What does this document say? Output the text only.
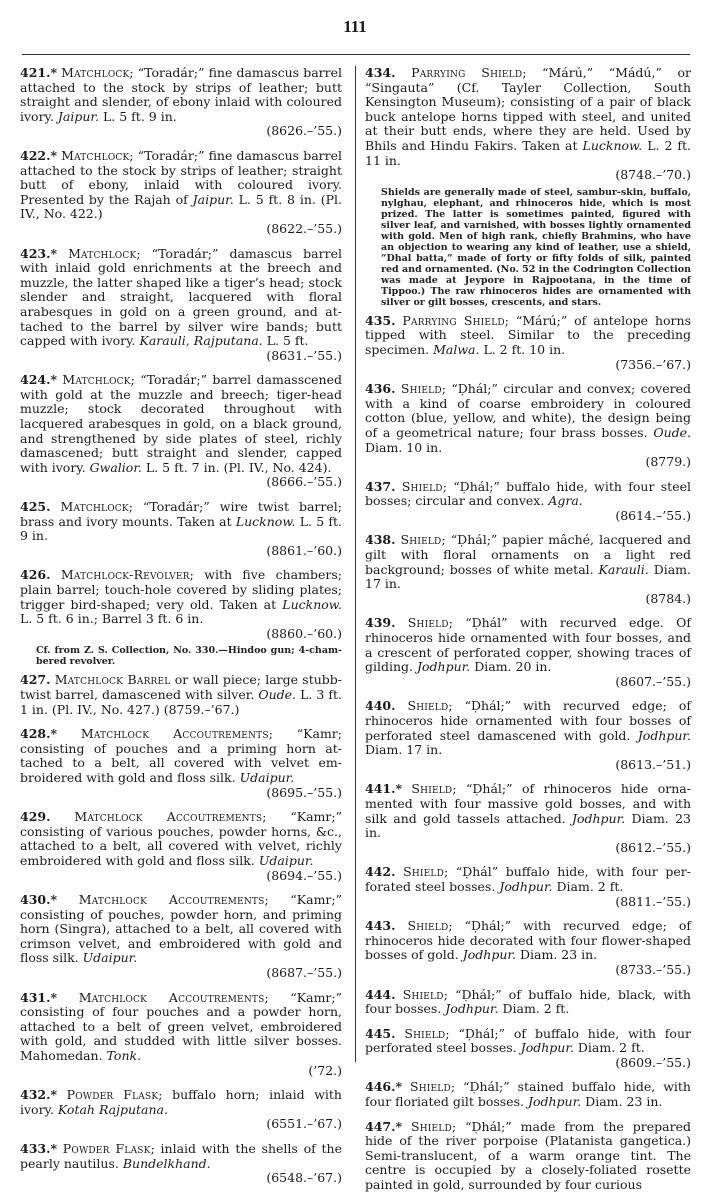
111

421.* Matchlock; “Toradár;” fine damascus barrel attached to the stock by strips of leather; butt straight and slender, of ebony inlaid with coloured ivory. Jaipur. L. 5 ft. 9 in.
(8626.–’55.)

422.* Matchlock; “Toradár;” fine damascus barrel attached to the stock by strips of leather; straight butt of ebony, inlaid with coloured ivory. Presented by the Rajah of Jaipur. L. 5 ft. 8 in. (Pl. IV., No. 422.)
(8622.–’55.)

423.* Matchlock; “Toradár;” damascus barrel with inlaid gold enrichments at the breech and muzzle, the latter shaped like a tiger’s head; stock slender and straight, lacquered with floral arabesques in gold on a green ground, and attached to the barrel by silver wire bands; butt capped with ivory. Karauli, Rajputana. L. 5 ft.
(8631.–’55.)

424.* Matchlock; “Toradár;” barrel damasscened with gold at the muzzle and breech; tiger-head muzzle; stock decorated throughout with lacquered arabesques in gold, on a black ground, and strengthened by side plates of steel, richly damascened; butt straight and slender, capped with ivory. Gwalior. L. 5 ft. 7 in. (Pl. IV., No. 424).
(8666.–’55.)

425. Matchlock; “Toradár;” wire twist barrel; brass and ivory mounts. Taken at Lucknow. L. 5 ft. 9 in.
(8861.–’60.)

426. Matchlock-Revolver; with five chambers; plain barrel; touch-hole covered by sliding plates; trigger bird-shaped; very old. Taken at Lucknow. L. 5 ft. 6 in.; Barrel 3 ft. 6 in.
(8860.–’60.)

Cf. from Z. S. Collection, No. 330.—Hindoo gun; 4-chambered revolver.

427. Matchlock Barrel or wall piece; large stubb-twist barrel, damascened with silver. Oude. L. 3 ft. 1 in. (Pl. IV., No. 427.) (8759.–’67.)

428.* Matchlock Accoutrements; “Kamr; consisting of pouches and a priming horn attached to a belt, all covered with velvet embroidered with gold and floss silk. Udaipur.
(8695.–’55.)

429. Matchlock Accoutrements; “Kamr;” consisting of various pouches, powder horns, &c., attached to a belt, all covered with velvet, richly embroidered with gold and floss silk. Udaipur.
(8694.–’55.)

430.* Matchlock Accoutrements; “Kamr;” consisting of pouches, powder horn, and priming horn (Singra), attached to a belt, all covered with crimson velvet, and embroidered with gold and floss silk. Udaipur.
(8687.–’55.)

431.* Matchlock Accoutrements; “Kamr;” consisting of four pouches and a powder horn, attached to a belt of green velvet, embroidered with gold, and studded with little silver bosses. Mahomedan. Tonk.
(’72.)

432.* Powder Flask; buffalo horn; inlaid with ivory. Kotah Rajputana.
(6551.–’67.)

433.* Powder Flask; inlaid with the shells of the pearly nautilus. Bundelkhand.
(6548.–’67.)

434. Parrying Shield; “Márú,” “Mádú,” or “Singauta” (Cf. Tayler Collection, South Kensington Museum); consisting of a pair of black buck antelope horns tipped with steel, and united at their butt ends, where they are held. Used by Bhils and Hindu Fakirs. Taken at Lucknow. L. 2 ft. 11 in.
(8748.–’70.)

Shields are generally made of steel, sambur-skin, buffalo, nylghau, elephant, and rhinoceros hide, which is most prized. The latter is sometimes painted, figured with silver leaf, and varnished, with bosses lightly ornamented with gold. Men of high rank, chiefly Brahmins, who have an objection to wearing any kind of leather, use a shield, “Dhal batta,” made of forty or fifty folds of silk, painted red and ornamented. (No. 52 in the Codrington Collection was made at Jeypore in Rajpootana, in the time of Tippoo.) The raw rhinoceros hides are ornamented with silver or gilt bosses, crescents, and stars.

435. Parrying Shield; “Márú;” of antelope horns tipped with steel. Similar to the preceding specimen. Malwa. L. 2 ft. 10 in.
(7356.–’67.)

436. Shield; “Ḍhál;” circular and convex; covered with a kind of coarse embroidery in coloured cotton (blue, yellow, and white), the design being of a geometrical nature; four brass bosses. Oude. Diam. 10 in.
(8779.)

437. Shield; “Ḍhál;” buffalo hide, with four steel bosses; circular and convex. Agra.
(8614.–’55.)

438. Shield; “Ḍhál;” papier mâché, lacquered and gilt with floral ornaments on a light red background; bosses of white metal. Karauli. Diam. 17 in.
(8784.)

439. Shield; “Ḍhál” with recurved edge. Of rhinoceros hide ornamented with four bosses, and a crescent of perforated copper, showing traces of gilding. Jodhpur. Diam. 20 in.
(8607.–’55.)

440. Shield; “Ḍhál;” with recurved edge; of rhinoceros hide ornamented with four bosses of perforated steel damascened with gold. Jodhpur. Diam. 17 in.
(8613.–’51.)

441.* Shield; “Ḍhál;” of rhinoceros hide ornamented with four massive gold bosses, and with silk and gold tassels attached. Jodhpur. Diam. 23 in.
(8612.–’55.)

442. Shield; “Ḍhál” buffalo hide, with four perforated steel bosses. Jodhpur. Diam. 2 ft.
(8811.–’55.)

443. Shield; “Ḍhál;” with recurved edge; of rhinoceros hide decorated with four flower-shaped bosses of gold. Jodhpur. Diam. 23 in.
(8733.–’55.)

444. Shield; “Ḍhál;” of buffalo hide, black, with four bosses. Jodhpur. Diam. 2 ft.

445. Shield; “Ḍhál;” of buffalo hide, with four perforated steel bosses. Jodhpur. Diam. 2 ft.
(8609.–’55.)

446.* Shield; “Ḍhál;” stained buffalo hide, with four floriated gilt bosses. Jodhpur. Diam. 23 in.

447.* Shield; “Ḍhál;” made from the prepared hide of the river porpoise (Platanista gangetica.) Semi-translucent, of a warm orange tint. The centre is occupied by a closely-foliated rosette painted in gold, surrounded by four curious
